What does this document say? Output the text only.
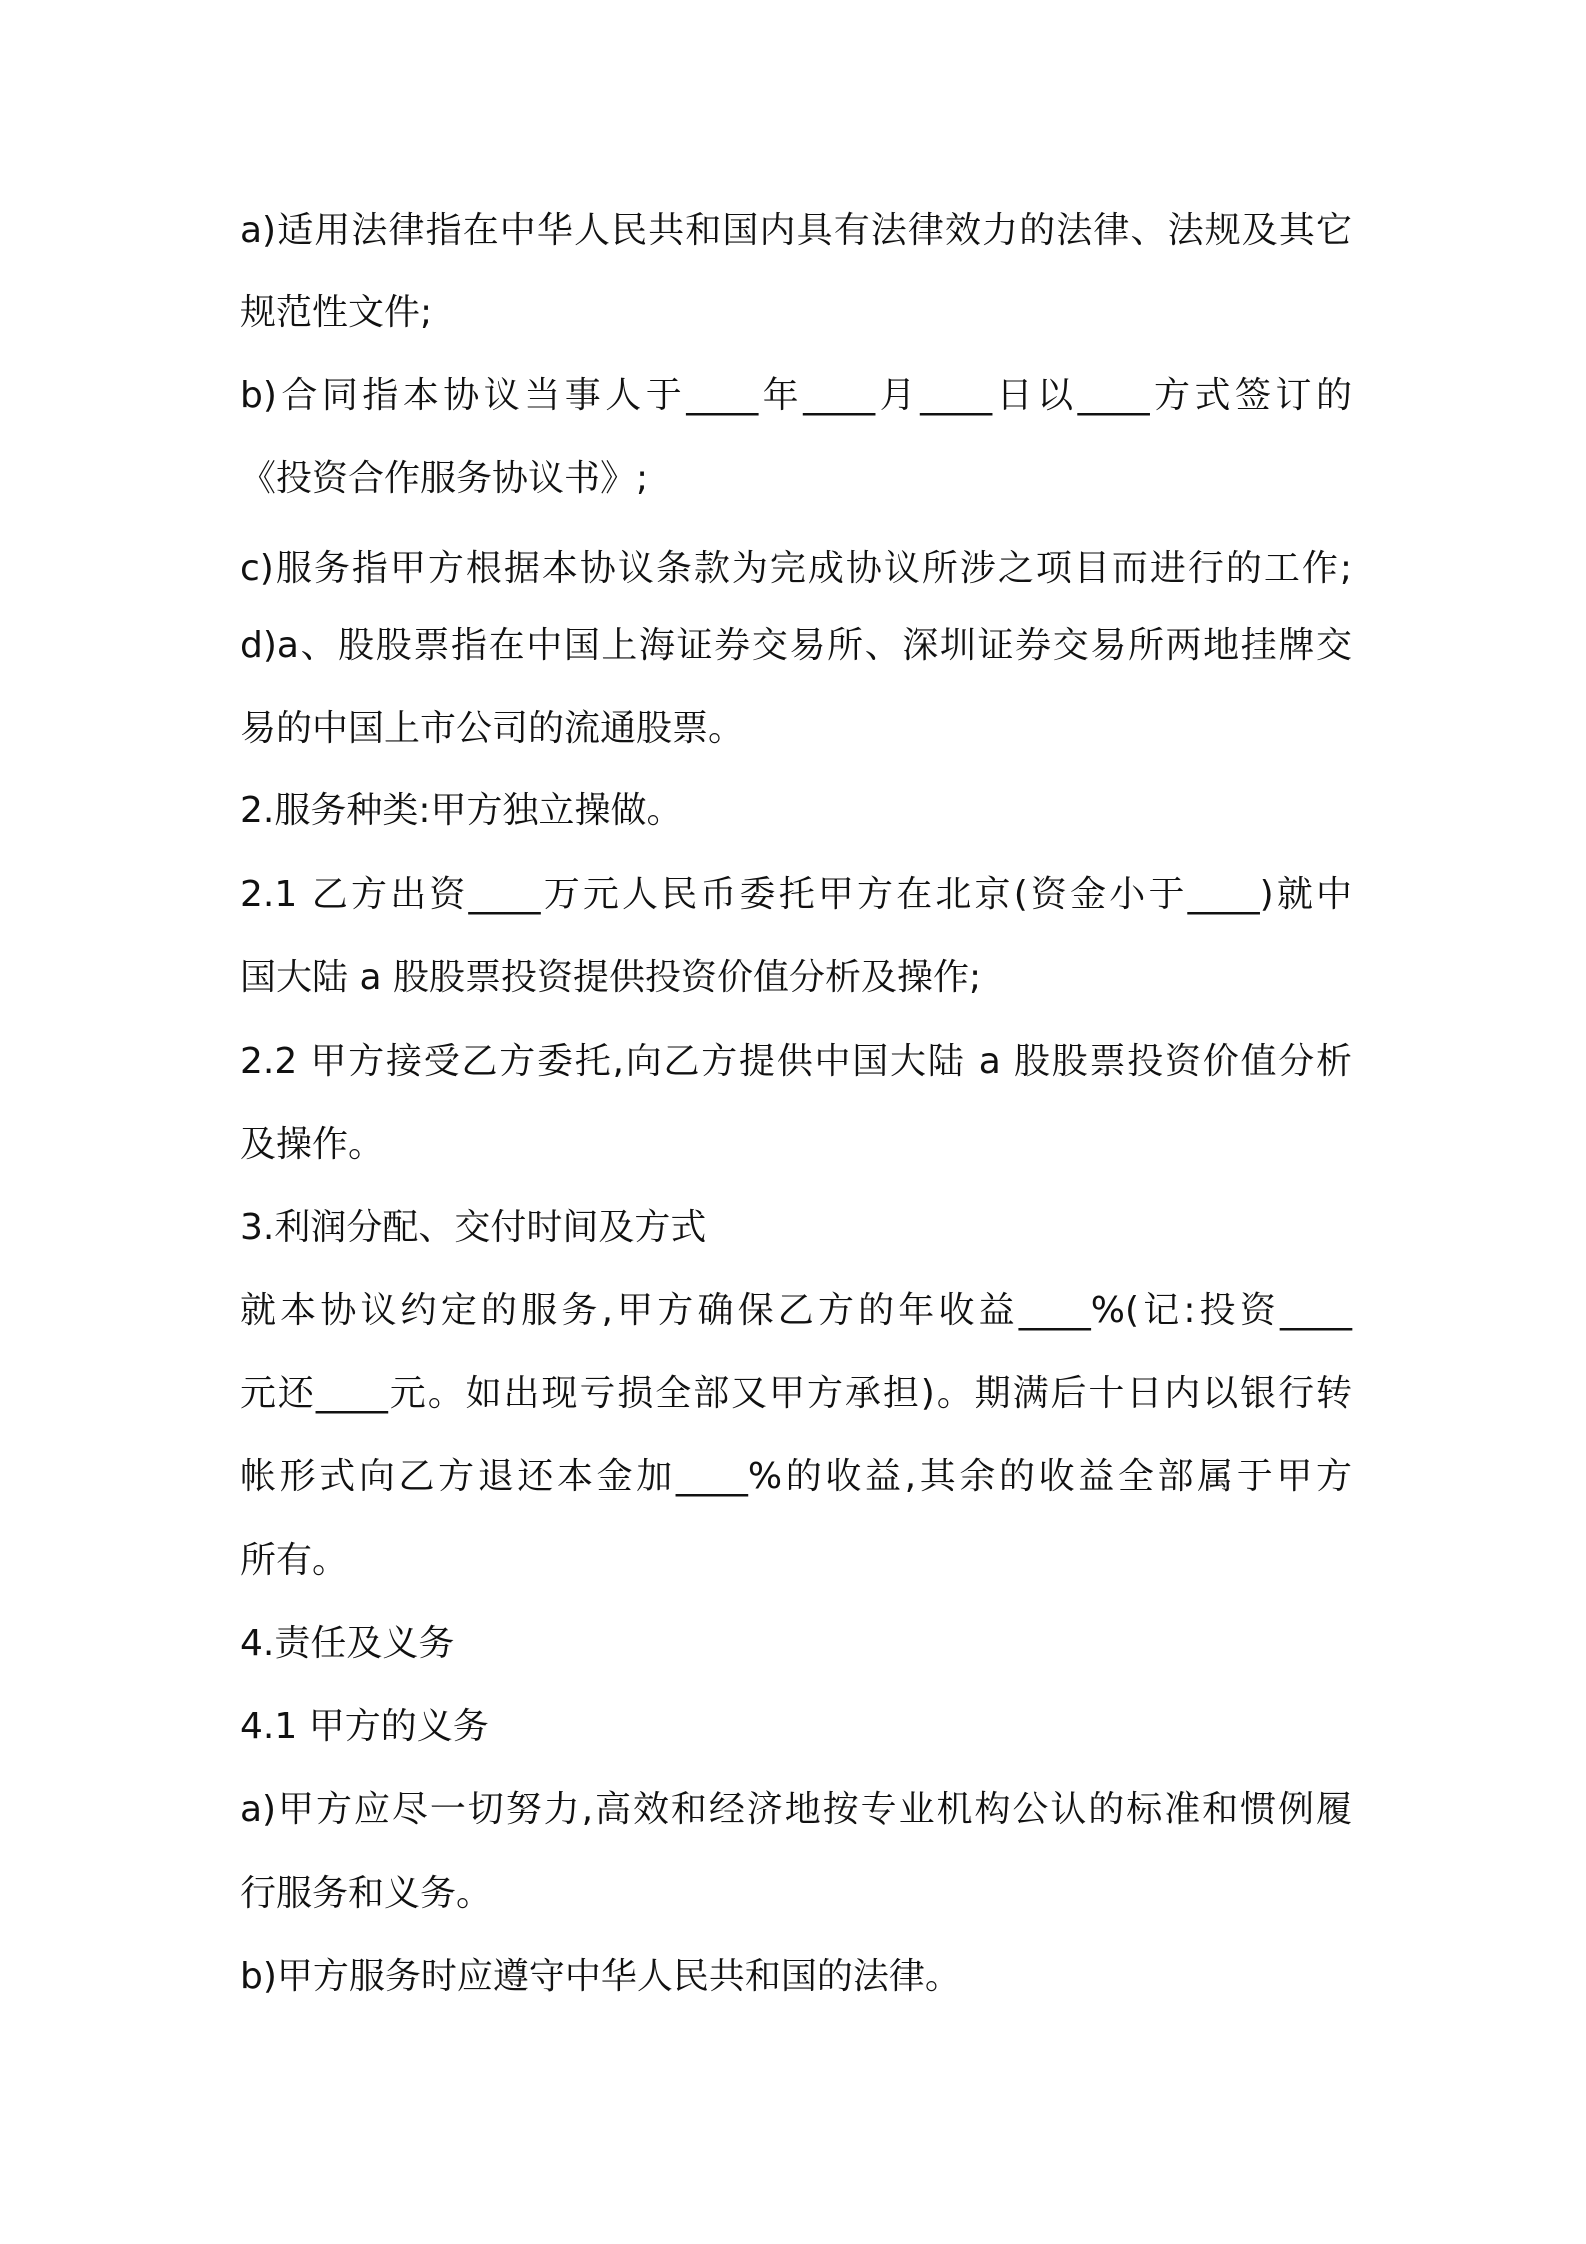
a)适用法律指在中华人民共和国内具有法律效力的法律、法规及其它

规范性文件;

b)合同指本协议当事人于____年____月____日以____方式签订的

《投资合作服务协议书》;

c)服务指甲方根据本协议条款为完成协议所涉之项目而进行的工作;

d)a、股股票指在中国上海证券交易所、深圳证券交易所两地挂牌交

易的中国上市公司的流通股票。

2.服务种类:甲方独立操做。

2.1 乙方出资____万元人民币委托甲方在北京(资金小于____)就中

国大陆 a 股股票投资提供投资价值分析及操作;

2.2 甲方接受乙方委托,向乙方提供中国大陆 a 股股票投资价值分析

及操作。

3.利润分配、交付时间及方式

就本协议约定的服务,甲方确保乙方的年收益____%(记:投资____

元还____元。如出现亏损全部又甲方承担)。期满后十日内以银行转

帐形式向乙方退还本金加____%的收益,其余的收益全部属于甲方

所有。

4.责任及义务

4.1 甲方的义务

a)甲方应尽一切努力,高效和经济地按专业机构公认的标准和惯例履

行服务和义务。

b)甲方服务时应遵守中华人民共和国的法律。
